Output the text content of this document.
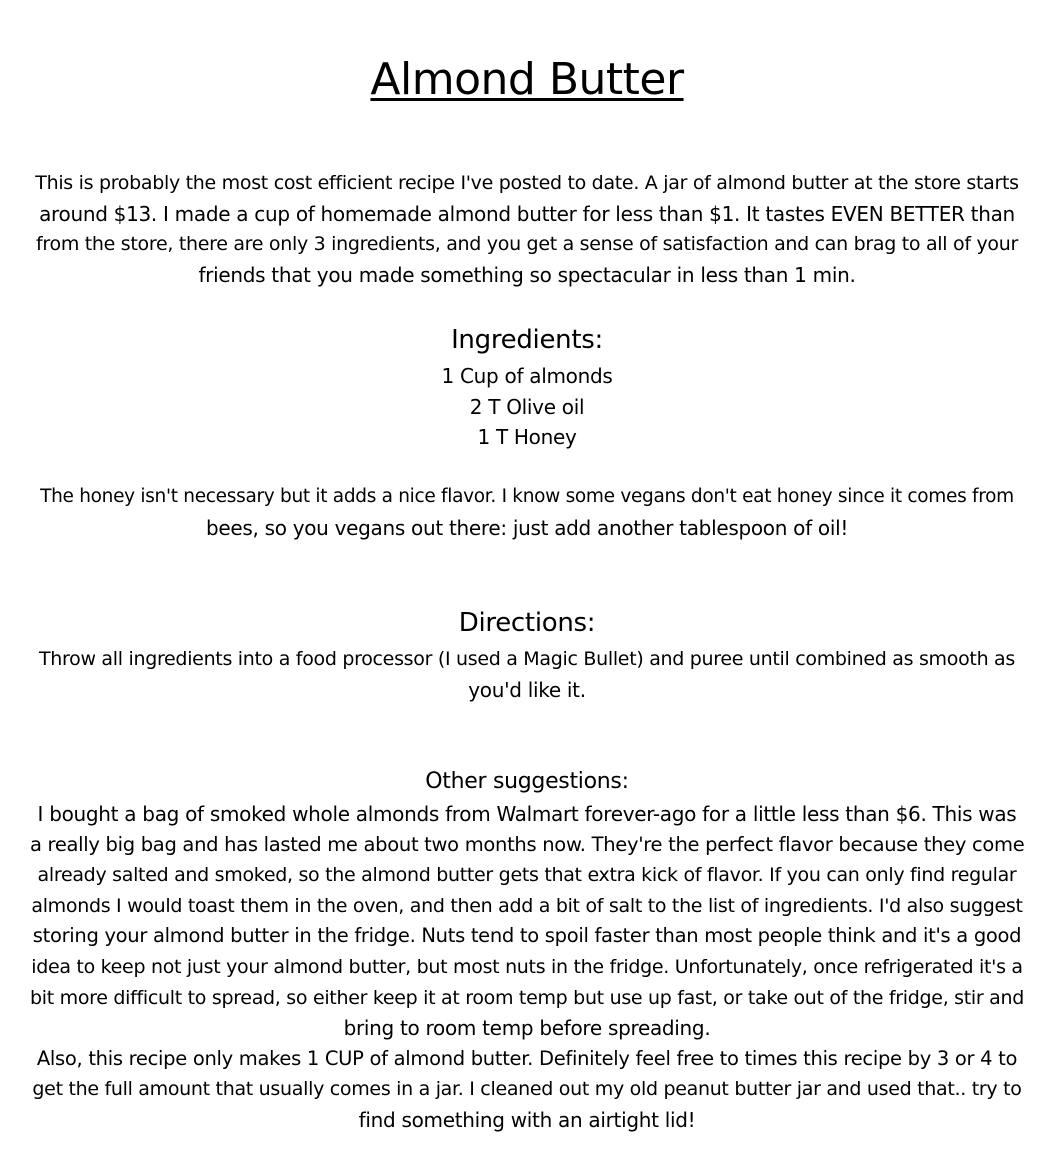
Almond Butter
This is probably the most cost efficient recipe I've posted to date. A jar of almond butter at the store starts
around $13. I made a cup of homemade almond butter for less than $1. It tastes EVEN BETTER than
from the store, there are only 3 ingredients, and you get a sense of satisfaction and can brag to all of your
friends that you made something so spectacular in less than 1 min.
Ingredients:
1 Cup of almonds
2 T Olive oil
1 T Honey
The honey isn't necessary but it adds a nice flavor. I know some vegans don't eat honey since it comes from
bees, so you vegans out there: just add another tablespoon of oil!
Directions:
Throw all ingredients into a food processor (I used a Magic Bullet) and puree until combined as smooth as
you'd like it.
Other suggestions:
I bought a bag of smoked whole almonds from Walmart forever-ago for a little less than $6. This was
a really big bag and has lasted me about two months now. They're the perfect flavor because they come
already salted and smoked, so the almond butter gets that extra kick of flavor. If you can only find regular
almonds I would toast them in the oven, and then add a bit of salt to the list of ingredients. I'd also suggest
storing your almond butter in the fridge. Nuts tend to spoil faster than most people think and it's a good
idea to keep not just your almond butter, but most nuts in the fridge. Unfortunately, once refrigerated it's a
bit more difficult to spread, so either keep it at room temp but use up fast, or take out of the fridge, stir and
bring to room temp before spreading.
Also, this recipe only makes 1 CUP of almond butter. Definitely feel free to times this recipe by 3 or 4 to
get the full amount that usually comes in a jar. I cleaned out my old peanut butter jar and used that.. try to
find something with an airtight lid!
